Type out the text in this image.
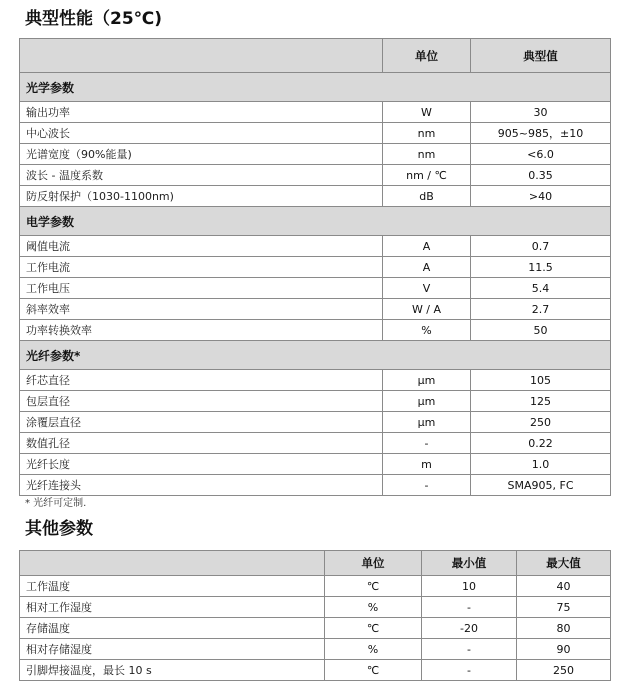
典型性能（25℃)
	单位	典型值
光学参数		
输出功率	W	30
中心波长	nm	905~985，±10
光谱宽度（90%能量)	nm	<6.0
波长 - 温度系数	nm / ℃	0.35
防反射保护（1030-1100nm)	dB	>40
电学参数		
阈值电流	A	0.7
工作电流	A	11.5
工作电压	V	5.4
斜率效率	W / A	2.7
功率转换效率	%	50
光纤参数*		
纤芯直径	μm	105
包层直径	μm	125
涂覆层直径	μm	250
数值孔径	-	0.22
光纤长度	m	1.0
光纤连接头	-	SMA905, FC

* 光纤可定制.

其他参数
	单位	最小值	最大值
工作温度	℃	10	40
相对工作湿度	%	-	75
存储温度	℃	-20	80
相对存储湿度	%	-	90
引脚焊接温度，最长 10 s	℃	-	250
